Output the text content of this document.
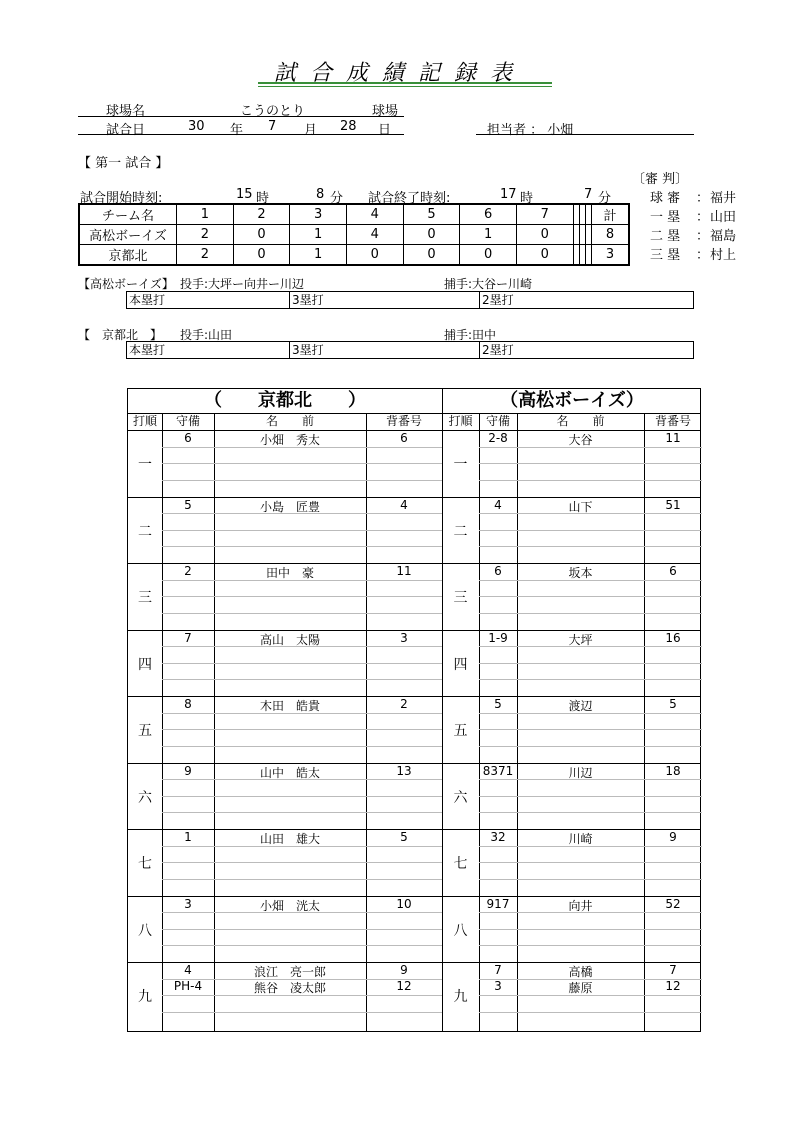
試合成績記録表
球場名	こうのとり	球場
試合日	30 年 7 月 28 日	担当者 ： 小畑
【 第一 試合 】
〔審 判〕
試合開始時刻:	15 時	8 分 試合終了時刻:	17 時	7 分
チーム名	1	2	3	4	5	6	7				計
高松ボーイズ	2	0	1	4	0	1	0				8
京都北	2	0	1	0	0	0	0				3
【高松ボーイズ】 投手:大坪ー向井ー川辺	捕手:大谷ー川崎
本塁打	3塁打	2塁打
【　京都北　】 投手:山田	捕手:田中
本塁打	3塁打	2塁打
（　　京都北　　）
打順	守備	名　　前	背番号
一
6	小畑　秀太	6
二
5	小島　匠豊	4
三
2	田中　豪	11
四
7	高山　太陽	3
五
8	木田　皓貴	2
六
9	山中　皓太	13
七
1	山田　雄大	5
八
3	小畑　洸太	10
九
4	浪江　亮一郎	9
PH-4	熊谷　凌太郎	12
（高松ボーイズ）
打順	守備	名　　前	背番号
一
2-8	大谷	11
二
4	山下	51
三
6	坂本	6
四
1-9	大坪	16
五
5	渡辺	5
六
8371	川辺	18
七
32	川崎	9
八
917	向井	52
九
7	高橋	7
3	藤原	12
球 審 ： 福井
一 塁 ： 山田
二 塁 ： 福島
三 塁 ： 村上
